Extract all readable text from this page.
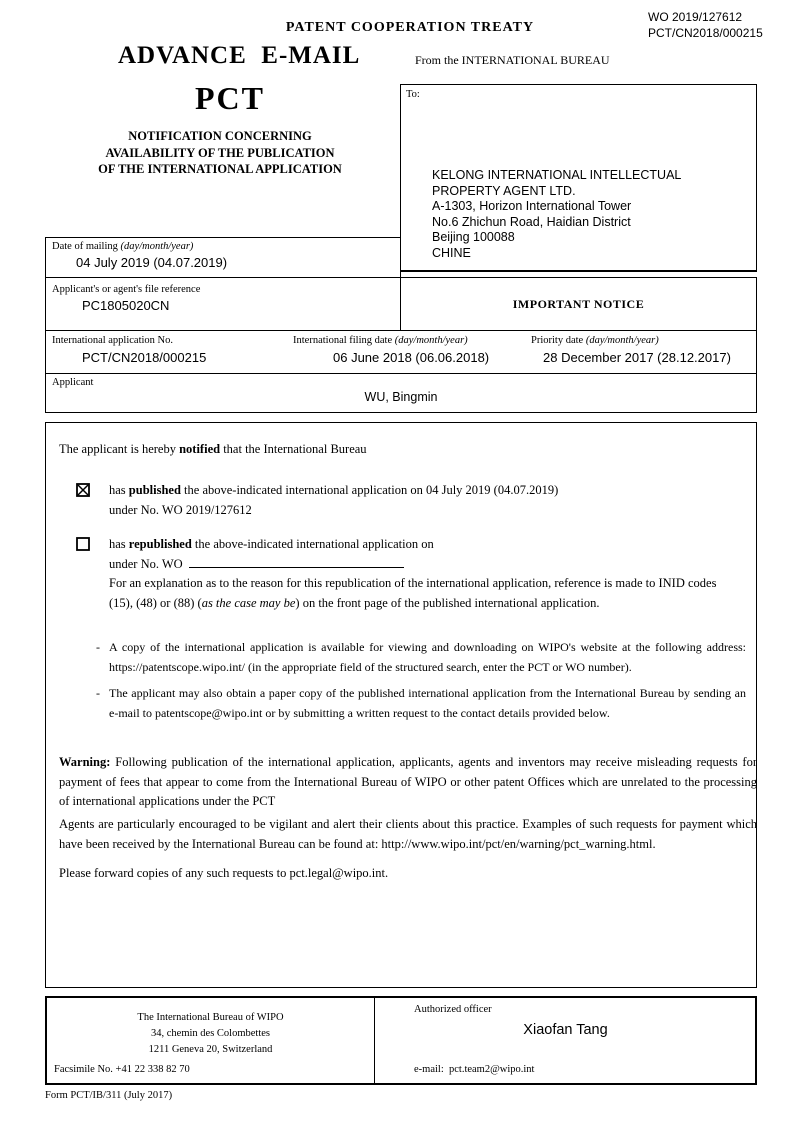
PATENT COOPERATION TREATY
WO 2019/127612
PCT/CN2018/000215
ADVANCE  E-MAIL	From the INTERNATIONAL BUREAU
PCT
NOTIFICATION CONCERNING
AVAILABILITY OF THE PUBLICATION
OF THE INTERNATIONAL APPLICATION
To:
KELONG INTERNATIONAL INTELLECTUAL
PROPERTY AGENT LTD.
A-1303, Horizon International Tower
No.6 Zhichun Road, Haidian District
Beijing 100088
CHINE
Date of mailing (day/month/year)
04 July 2019 (04.07.2019)
Applicant's or agent's file reference
PC1805020CN	IMPORTANT NOTICE
International application No.
PCT/CN2018/000215
International filing date (day/month/year)
06 June 2018 (06.06.2018)
Priority date (day/month/year)
28 December 2017 (28.12.2017)
Applicant
WU, Bingmin
The applicant is hereby notified that the International Bureau
has published the above-indicated international application on 04 July 2019 (04.07.2019)
under No. WO 2019/127612
has republished the above-indicated international application on
under No. WO
For an explanation as to the reason for this republication of the international application, reference is made to INID codes
(15), (48) or (88) (as the case may be) on the front page of the published international application.
- A copy of the international application is available for viewing and downloading on WIPO's website at the following address: https://patentscope.wipo.int/ (in the appropriate field of the structured search, enter the PCT or WO number).
- The applicant may also obtain a paper copy of the published international application from the International Bureau by sending an e-mail to patentscope@wipo.int or by submitting a written request to the contact details provided below.
Warning: Following publication of the international application, applicants, agents and inventors may receive misleading requests for payment of fees that appear to come from the International Bureau of WIPO or other patent Offices which are unrelated to the processing of international applications under the PCT
Agents are particularly encouraged to be vigilant and alert their clients about this practice. Examples of such requests for payment which have been received by the International Bureau can be found at: http://www.wipo.int/pct/en/warning/pct_warning.html.
Please forward copies of any such requests to pct.legal@wipo.int.
The International Bureau of WIPO
34, chemin des Colombettes
1211 Geneva 20, Switzerland
Facsimile No. +41 22 338 82 70
Authorized officer
Xiaofan Tang
e-mail:  pct.team2@wipo.int
Form PCT/IB/311 (July 2017)
